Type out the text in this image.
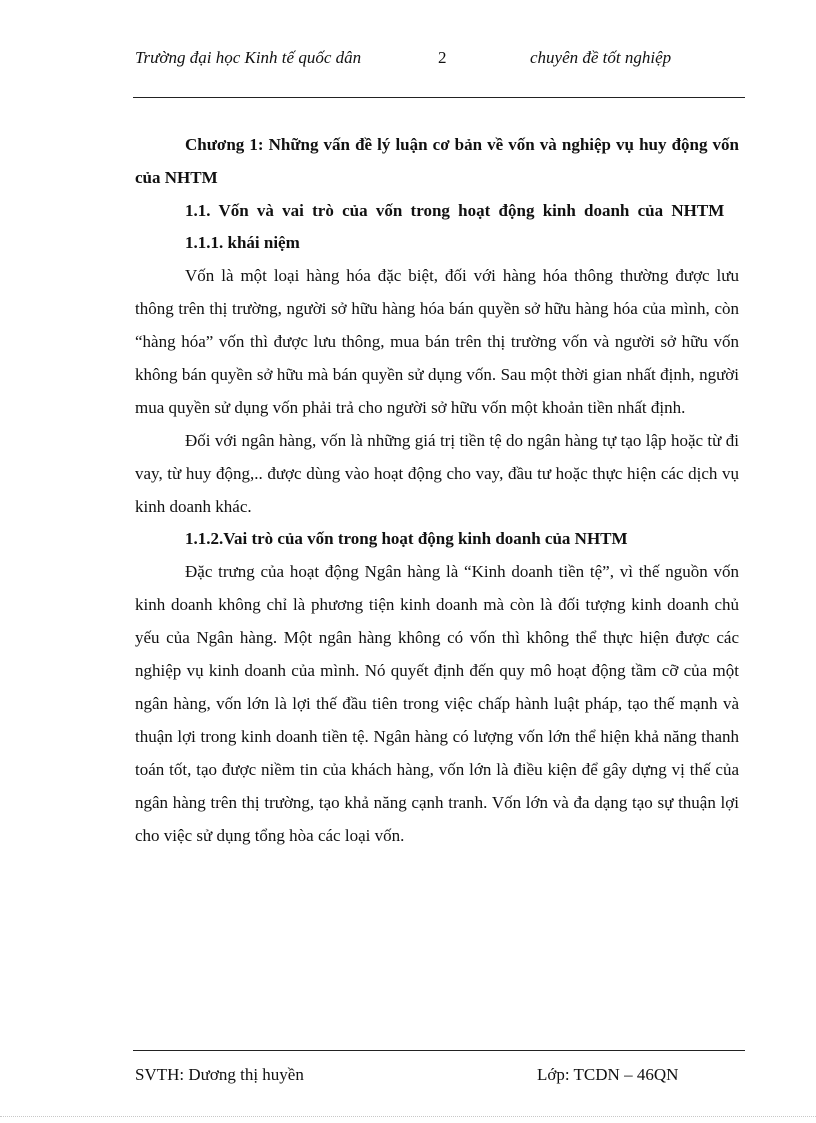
Trường đại học Kinh tế quốc dân	2	chuyên đề tốt nghiệp
Chương 1: Những vấn đề lý luận cơ bản về vốn và nghiệp vụ huy động vốn của NHTM
1.1. Vốn và vai trò của vốn trong hoạt động kinh doanh của NHTM
1.1.1. khái niệm

Vốn là một loại hàng hóa đặc biệt, đối với hàng hóa thông thường được lưu thông trên thị trường, người sở hữu hàng hóa bán quyền sở hữu hàng hóa của mình, còn “hàng hóa” vốn thì được lưu thông, mua bán trên thị trường vốn và người sở hữu vốn không bán quyền sở hữu mà bán quyền sử dụng vốn. Sau một thời gian nhất định, người mua quyền sử dụng vốn phải trả cho người sở hữu vốn một khoản tiền nhất định.

Đối với ngân hàng, vốn là những giá trị tiền tệ do ngân hàng tự tạo lập hoặc từ đi vay, từ huy động,.. được dùng vào hoạt động cho vay, đầu tư hoặc thực hiện các dịch vụ kinh doanh khác.

1.1.2.Vai trò của vốn trong hoạt động kinh doanh của NHTM

Đặc trưng của hoạt động Ngân hàng là “Kinh doanh tiền tệ”, vì thế nguồn vốn kinh doanh không chỉ là phương tiện kinh doanh mà còn là đối tượng kinh doanh chủ yếu của Ngân hàng. Một ngân hàng không có vốn thì không thể thực hiện được các nghiệp vụ kinh doanh của mình. Nó quyết định đến quy mô hoạt động tầm cỡ của một ngân hàng, vốn lớn là lợi thế đầu tiên trong việc chấp hành luật pháp, tạo thế mạnh và thuận lợi trong kinh doanh tiền tệ. Ngân hàng có lượng vốn lớn thể hiện khả năng thanh toán tốt, tạo được niềm tin của khách hàng, vốn lớn là điều kiện để gây dựng vị thế của ngân hàng trên thị trường, tạo khả năng cạnh tranh. Vốn lớn và đa dạng tạo sự thuận lợi cho việc sử dụng tổng hòa các loại vốn.

SVTH: Dương thị huyền	Lớp: TCDN – 46QN
